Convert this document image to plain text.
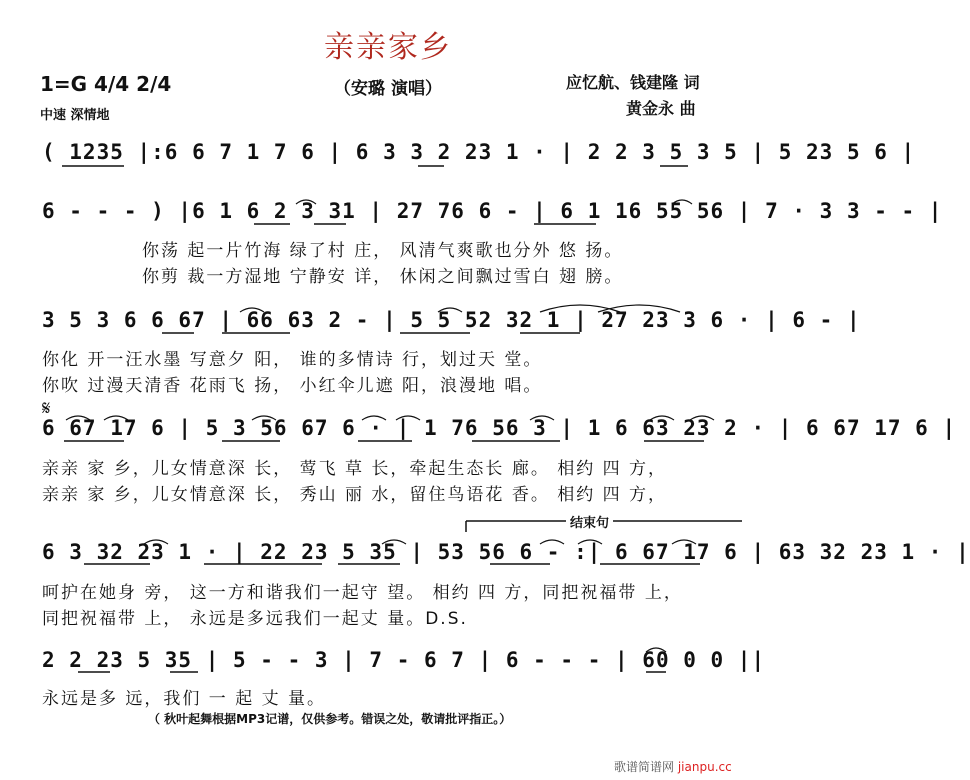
亲亲家乡
（安璐 演唱）
1=G 4/4 2/4
中速 深情地
应忆航、钱建隆 词
黄金永 曲
( 1235 |:6 6 7 1 7 6 | 6 3 3 2 23 1 · | 2 2 3 5 3 5 | 5 23 5 6 |
6 - - - ) |6 1 6 2 3 31 | 27 76 6 - | 6 1 16 55 56 | 7 · 3 3 - - |
你荡 起一片竹海 绿了村 庄， 风清气爽歌也分外 悠 扬。
你剪 裁一方湿地 宁静安 详， 休闲之间飘过雪白 翅 膀。
3 5 3 6 6 67 | 66 63 2 - | 5 5 52 32 1 | 27 23 3 6 · | 6 - |
你化 开一汪水墨 写意夕 阳， 谁的多情诗 行，划过天 堂。
你吹 过漫天清香 花雨飞 扬， 小红伞儿遮 阳，浪漫地 唱。
𝄋
6 67 17 6 | 5 3 56 67 6 · | 1 76 56 3 | 1 6 63 23 2 · | 6 67 17 6 |
亲亲 家 乡，儿女情意深 长， 莺飞 草 长，牵起生态长 廊。 相约 四 方，
亲亲 家 乡，儿女情意深 长， 秀山 丽 水，留住鸟语花 香。 相约 四 方，
结束句
6 3 32 23 1 · | 22 23 5 35 | 53 56 6 - :| 6 67 17 6 | 63 32 23 1 · |
呵护在她身 旁， 这一方和谐我们一起守 望。 相约 四 方，同把祝福带 上，
同把祝福带 上， 永远是多远我们一起丈 量。D.S.
2 2 23 5 35 | 5 - - 3 | 7 - 6 7 | 6 - - - | 60 0 0 ||
永远是多 远，我们 一 起 丈 量。
（ 秋叶起舞根据MP3记谱，仅供参考。错误之处，敬请批评指正。）
歌谱简谱网 jianpu.cc
